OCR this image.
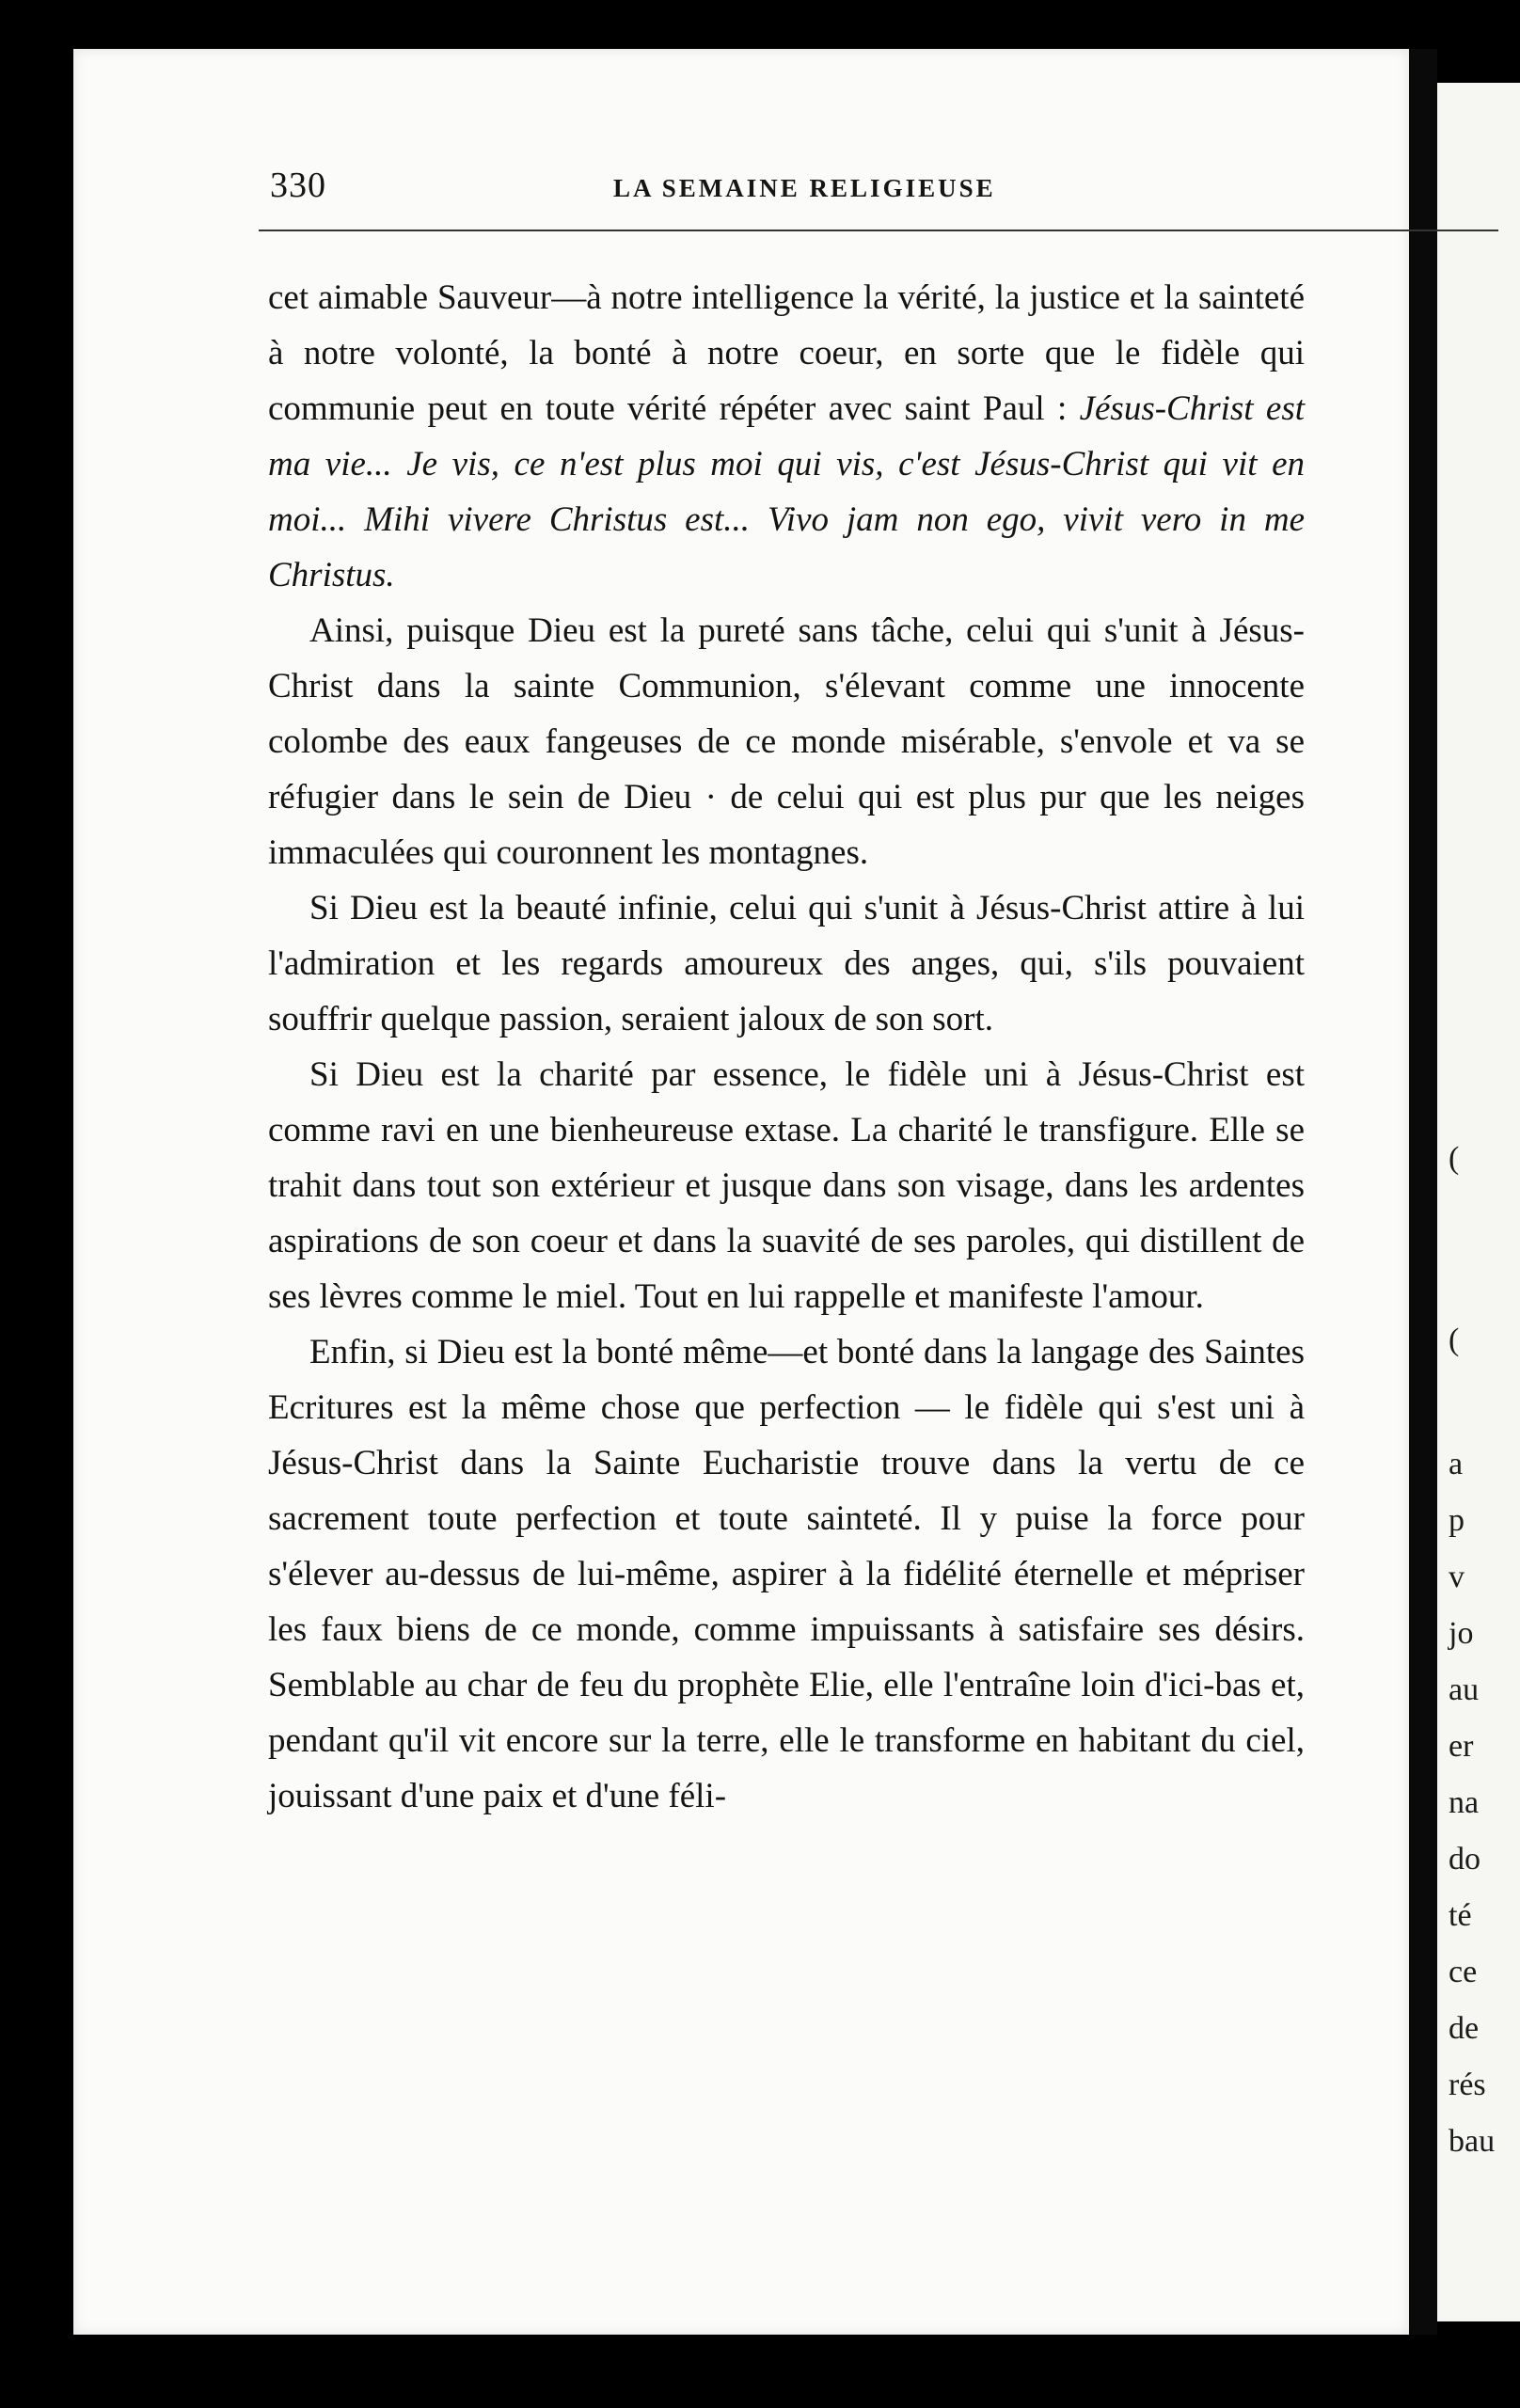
(
(
a
p
v
jo
au
er
na
do
té
ce
de
rés
bau
330	LA SEMAINE RELIGIEUSE

cet aimable Sauveur—à notre intelligence la vérité, la justice et la sainteté à notre volonté, la bonté à notre coeur, en sorte que le fidèle qui communie peut en toute vérité répéter avec saint Paul : Jésus-Christ est ma vie... Je vis, ce n'est plus moi qui vis, c'est Jésus-Christ qui vit en moi... Mihi vivere Christus est... Vivo jam non ego, vivit vero in me Christus.

Ainsi, puisque Dieu est la pureté sans tâche, celui qui s'unit à Jésus-Christ dans la sainte Communion, s'élevant comme une innocente colombe des eaux fangeuses de ce monde misérable, s'envole et va se réfugier dans le sein de Dieu · de celui qui est plus pur que les neiges immaculées qui couronnent les montagnes.

Si Dieu est la beauté infinie, celui qui s'unit à Jésus-Christ attire à lui l'admiration et les regards amoureux des anges, qui, s'ils pouvaient souffrir quelque passion, seraient jaloux de son sort.

Si Dieu est la charité par essence, le fidèle uni à Jésus-Christ est comme ravi en une bienheureuse extase. La charité le transfigure. Elle se trahit dans tout son extérieur et jusque dans son visage, dans les ardentes aspirations de son coeur et dans la suavité de ses paroles, qui distillent de ses lèvres comme le miel. Tout en lui rappelle et manifeste l'amour.

Enfin, si Dieu est la bonté même—et bonté dans la langage des Saintes Ecritures est la même chose que perfection — le fidèle qui s'est uni à Jésus-Christ dans la Sainte Eucharistie trouve dans la vertu de ce sacrement toute perfection et toute sainteté. Il y puise la force pour s'élever au-dessus de lui-même, aspirer à la fidélité éternelle et mépriser les faux biens de ce monde, comme impuissants à satisfaire ses désirs. Semblable au char de feu du prophète Elie, elle l'entraîne loin d'ici-bas et, pendant qu'il vit encore sur la terre, elle le transforme en habitant du ciel, jouissant d'une paix et d'une féli-
